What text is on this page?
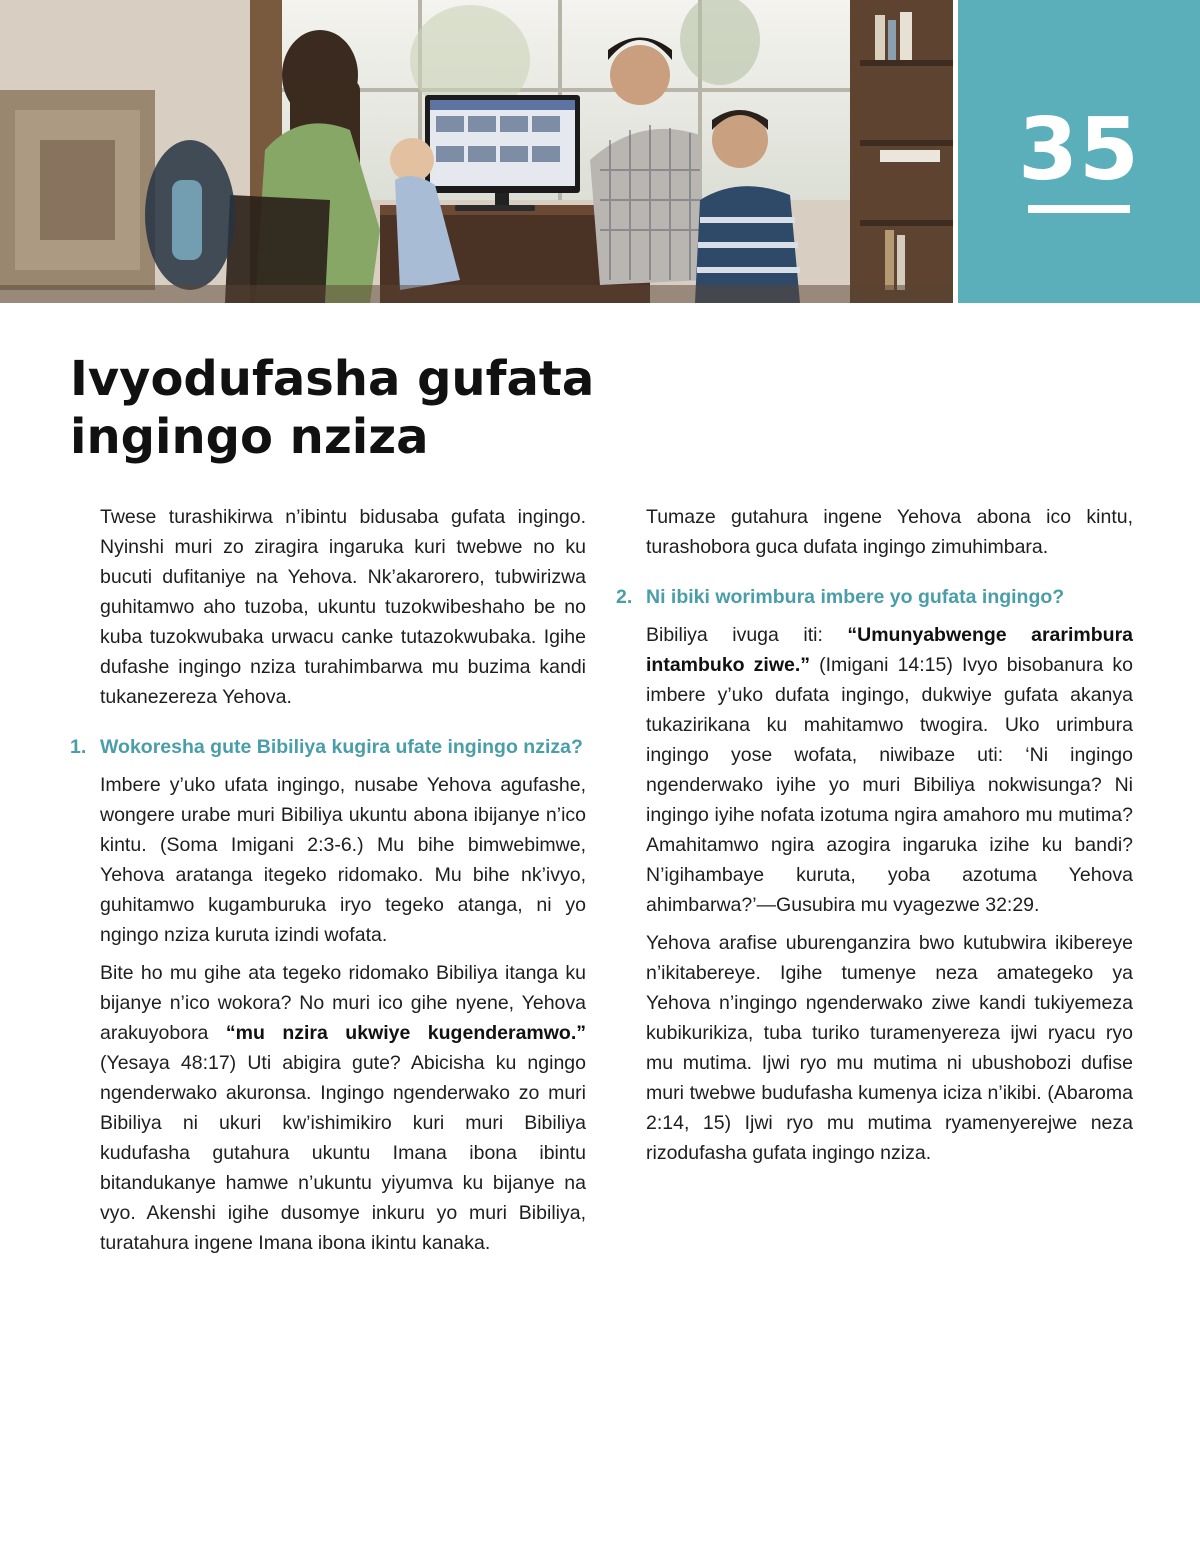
35
Ivyodufasha gufata ingingo nziza

Twese turashikirwa n’ibintu bidusaba gufata ingingo. Nyinshi muri zo ziragira ingaruka kuri twebwe no ku bucuti dufitaniye na Yehova. Nk’akarorero, tubwirizwa guhitamwo aho tuzoba, ukuntu tuzokwibeshaho be no kuba tuzokwubaka urwacu canke tutazokwubaka. Igihe dufashe ingingo nziza turahimbarwa mu buzima kandi tukanezereza Yehova.

1. Wokoresha gute Bibiliya kugira ufate ingingo nziza?

Imbere y’uko ufata ingingo, nusabe Yehova agufashe, wongere urabe muri Bibiliya ukuntu abona ibijanye n’ico kintu. (Soma Imigani 2:3-6.) Mu bihe bimwebimwe, Yehova aratanga itegeko ridomako. Mu bihe nk’ivyo, guhitamwo kugamburuka iryo tegeko atanga, ni yo ngingo nziza kuruta izindi wofata.

Bite ho mu gihe ata tegeko ridomako Bibiliya itanga ku bijanye n’ico wokora? No muri ico gihe nyene, Yehova arakuyobora “mu nzira ukwiye kugenderamwo.” (Yesaya 48:17) Uti abigira gute? Abicisha ku ngingo ngenderwako akuronsa. Ingingo ngenderwako zo muri Bibiliya ni ukuri kw’ishimikiro kuri muri Bibiliya kudufasha gutahura ukuntu Imana ibona ibintu bitandukanye hamwe n’ukuntu yiyumva ku bijanye na vyo. Akenshi igihe dusomye inkuru yo muri Bibiliya, turatahura ingene Imana ibona ikintu kanaka.

Tumaze gutahura ingene Yehova abona ico kintu, turashobora guca dufata ingingo zimuhimbara.

2. Ni ibiki worimbura imbere yo gufata ingingo?

Bibiliya ivuga iti: “Umunyabwenge ararimbura intambuko ziwe.” (Imigani 14:15) Ivyo bisobanura ko imbere y’uko dufata ingingo, dukwiye gufata akanya tukazirikana ku mahitamwo twogira. Uko urimbura ingingo yose wofata, niwibaze uti: ‘Ni ingingo ngenderwako iyihe yo muri Bibiliya nokwisunga? Ni ingingo iyihe nofata izotuma ngira amahoro mu mutima? Amahitamwo ngira azogira ingaruka izihe ku bandi? N’igihambaye kuruta, yoba azotuma Yehova ahimbarwa?’—Gusubira mu vyagezwe 32:29.

Yehova arafise uburenganzira bwo kutubwira ikibereye n’ikitabereye. Igihe tumenye neza amategeko ya Yehova n’ingingo ngenderwako ziwe kandi tukiyemeza kubikurikiza, tuba turiko turamenyereza ijwi ryacu ryo mu mutima. Ijwi ryo mu mutima ni ubushobozi dufise muri twebwe budufasha kumenya iciza n’ikibi. (Abaroma 2:14, 15) Ijwi ryo mu mutima ryamenyerejwe neza rizodufasha gufata ingingo nziza.
